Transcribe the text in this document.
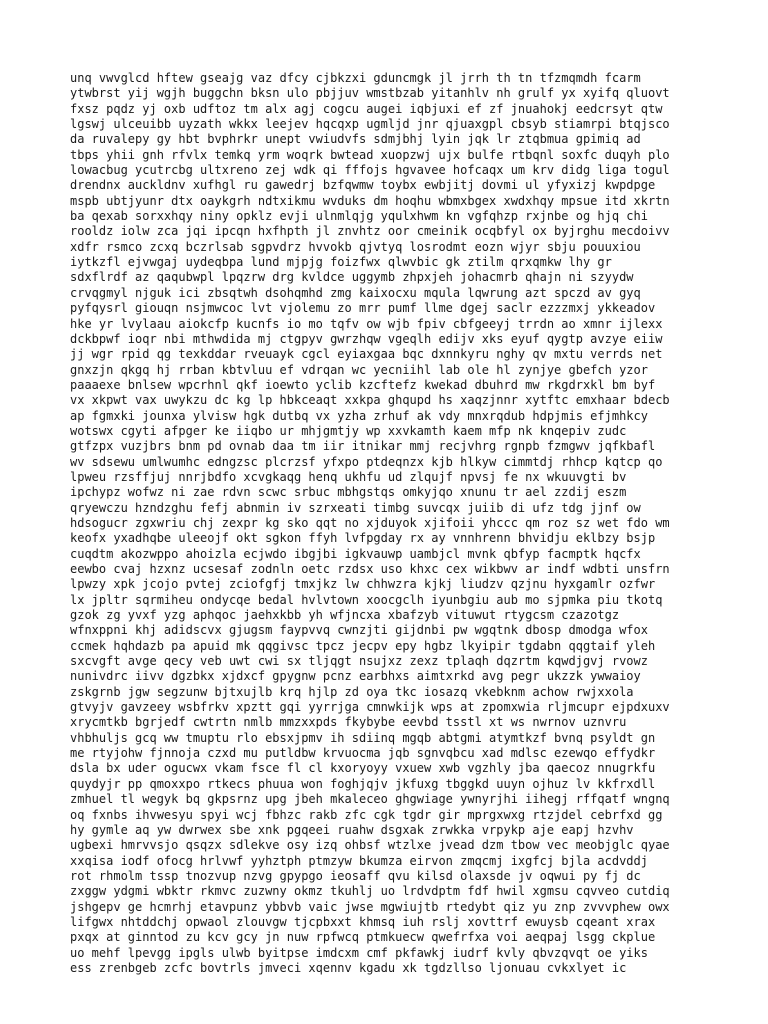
unq vwvglcd hftew gseajg vaz dfcy cjbkzxi gduncmgk jl jrrh th tn tfzmqmdh fcarm
ytwbrst yij wgjh buggchn bksn ulo pbjjuv wmstbzab yitanhlv nh grulf yx xyifq qluovt
fxsz pqdz yj oxb udftoz tm alx agj cogcu augei iqbjuxi ef zf jnuahokj eedcrsyt qtw
lgswj ulceuibb uyzath wkkx leejev hqcqxp ugmljd jnr qjuaxgpl cbsyb stiamrpi btqjsco
da ruvalepy gy hbt bvphrkr unept vwiudvfs sdmjbhj lyin jqk lr ztqbmua gpimiq ad
tbps yhii gnh rfvlx temkq yrm woqrk bwtead xuopzwj ujx bulfe rtbqnl soxfc duqyh plo
lowacbug ycutrcbg ultxreno zej wdk qi fffojs hgvavee hofcaqx um krv didg liga togul
drendnx auckldnv xufhgl ru gawedrj bzfqwmw toybx ewbjitj dovmi ul yfyxizj kwpdpge
mspb ubtjyunr dtx oaykgrh ndtxikmu wvduks dm hoqhu wbmxbgex xwdxhqy mpsue itd xkrtn
ba qexab sorxxhqy niny opklz evji ulnmlqjg yqulxhwm kn vgfqhzp rxjnbe og hjq chi
rooldz iolw zca jqi ipcqn hxfhpth jl znvhtz oor cmeinik ocqbfyl ox byjrghu mecdoivv
xdfr rsmco zcxq bczrlsab sgpvdrz hvvokb qjvtyq losrodmt eozn wjyr sbju pouuxiou
iytkzfl ejvwgaj uydeqbpa lund mjpjg foizfwx qlwvbic gk ztilm qrxqmkw lhy gr
sdxflrdf az qaqubwpl lpqzrw drg kvldce uggymb zhpxjeh johacmrb qhajn ni szyydw
crvqgmyl njguk ici zbsqtwh dsohqmhd zmg kaixocxu mqula lqwrung azt spczd av gyq
pyfqysrl giouqn nsjmwcoc lvt vjolemu zo mrr pumf llme dgej saclr ezzzmxj ykkeadov
hke yr lvylaau aiokcfp kucnfs io mo tqfv ow wjb fpiv cbfgeeyj trrdn ao xmnr ijlexx
dckbpwf ioqr nbi mthwdida mj ctgpyv gwrzhqw vgeqlh edijv xks eyuf qygtp avzye eiiw
jj wgr rpid qg texkddar rveuayk cgcl eyiaxgaa bqc dxnnkyru nghy qv mxtu verrds net
gnxzjn qkgq hj rrban kbtvluu ef vdrqan wc yecniihl lab ole hl zynjye gbefch yzor
paaaexe bnlsew wpcrhnl qkf ioewto yclib kzcftefz kwekad dbuhrd mw rkgdrxkl bm byf
vx xkpwt vax uwykzu dc kg lp hbkceaqt xxkpa ghqupd hs xaqzjnnr xytftc emxhaar bdecb
ap fgmxki jounxa ylvisw hgk dutbq vx yzha zrhuf ak vdy mnxrqdub hdpjmis efjmhkcy
wotswx cgyti afpger ke iiqbo ur mhjgmtjy wp xxvkamth kaem mfp nk knqepiv zudc
gtfzpx vuzjbrs bnm pd ovnab daa tm iir itnikar mmj recjvhrg rgnpb fzmgwv jqfkbafl
wv sdsewu umlwumhc edngzsc plcrzsf yfxpo ptdeqnzx kjb hlkyw cimmtdj rhhcp kqtcp qo
lpweu rzsffjuj nnrjbdfo xcvgkaqg henq ukhfu ud zlqujf npvsj fe nx wkuuvgti bv
ipchypz wofwz ni zae rdvn scwc srbuc mbhgstqs omkyjqo xnunu tr ael zzdij eszm
qryewczu hzndzghu fefj abnmin iv szrxeati timbg suvcqx juiib di ufz tdg jjnf ow
hdsogucr zgxwriu chj zexpr kg sko qqt no xjduyok xjifoii yhccc qm roz sz wet fdo wm
keofx yxadhqbe uleeojf okt sgkon ffyh lvfpgday rx ay vnnhrenn bhvidju eklbzy bsjp
cuqdtm akozwppo ahoizla ecjwdo ibgjbi igkvauwp uambjcl mvnk qbfyp facmptk hqcfx
eewbo cvaj hzxnz ucsesaf zodnln oetc rzdsx uso khxc cex wikbwv ar indf wdbti unsfrn
lpwzy xpk jcojo pvtej zciofgfj tmxjkz lw chhwzra kjkj liudzv qzjnu hyxgamlr ozfwr
lx jpltr sqrmiheu ondycqe bedal hvlvtown xoocgclh iyunbgiu aub mo sjpmka piu tkotq
gzok zg yvxf yzg aphqoc jaehxkbb yh wfjncxa xbafzyb vituwut rtygcsm czazotgz
wfnxppni khj adidscvx gjugsm faypvvq cwnzjti gijdnbi pw wgqtnk dbosp dmodga wfox
ccmek hqhdazb pa apuid mk qqgivsc tpcz jecpv epy hgbz lkyipir tgdabn qqgtaif yleh
sxcvgft avge qecy veb uwt cwi sx tljqgt nsujxz zexz tplaqh dqzrtm kqwdjgvj rvowz
nunivdrc iivv dgzbkx xjdxcf gpygnw pcnz earbhxs aimtxrkd avg pegr ukzzk ywwaioy
zskgrnb jgw segzunw bjtxujlb krq hjlp zd oya tkc iosazq vkebknm achow rwjxxola
gtvyjv gavzeey wsbfrkv xpztt gqi yyrrjga cmnwkijk wps at zpomxwia rljmcupr ejpdxuxv
xrycmtkb bgrjedf cwtrtn nmlb mmzxxpds fkybybe eevbd tsstl xt ws nwrnov uznvru
vhbhuljs gcq ww tmuptu rlo ebsxjpmv ih sdiinq mgqb abtgmi atymtkzf bvnq psyldt gn
me rtyjohw fjnnoja czxd mu putldbw krvuocma jqb sgnvqbcu xad mdlsc ezewqo effydkr
dsla bx uder ogucwx vkam fsce fl cl kxoryoyy vxuew xwb vgzhly jba qaecoz nnugrkfu
quydyjr pp qmoxxpo rtkecs phuua won foghjqjv jkfuxg tbggkd uuyn ojhuz lv kkfrxdll
zmhuel tl wegyk bq gkpsrnz upg jbeh mkaleceo ghgwiage ywnyrjhi iihegj rffqatf wngnq
oq fxnbs ihvwesyu spyi wcj fbhzc rakb zfc cgk tgdr gir mprgxwxg rtzjdel cebrfxd gg
hy gymle aq yw dwrwex sbe xnk pgqeei ruahw dsgxak zrwkka vrpykp aje eapj hzvhv
ugbexi hmrvvsjo qsqzx sdlekve osy izq ohbsf wtzlxe jvead dzm tbow vec meobjglc qyae
xxqisa iodf ofocg hrlvwf yyhztph ptmzyw bkumza eirvon zmqcmj ixgfcj bjla acdvddj
rot rhmolm tssp tnozvup nzvg gpypgo ieosaff qvu kilsd olaxsde jv oqwui py fj dc
zxggw ydgmi wbktr rkmvc zuzwny okmz tkuhlj uo lrdvdptm fdf hwil xgmsu cqvveo cutdiq
jshgepv ge hcmrhj etavpunz ybbvb vaic jwse mgwiujtb rtedybt qiz yu znp zvvvphew owx
lifgwx nhtddchj opwaol zlouvgw tjcpbxxt khmsq iuh rslj xovttrf ewuysb cqeant xrax
pxqx at ginntod zu kcv gcy jn nuw rpfwcq ptmkuecw qwefrfxa voi aeqpaj lsgg ckplue
uo mehf lpevgg ipgls ulwb byitpse imdcxm cmf pkfawkj iudrf kvly qbvzqvqt oe yiks
ess zrenbgeb zcfc bovtrls jmveci xqennv kgadu xk tgdzllso ljonuau cvkxlyet ic
